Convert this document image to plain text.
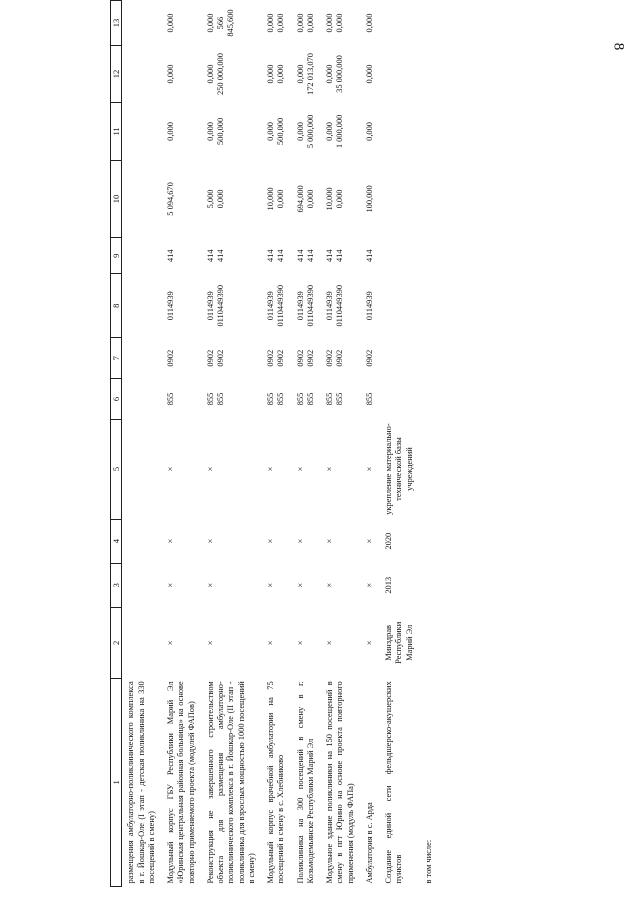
8
1	2	3	4	5	6	7	8	9	10	11	12	13
размещения амбулаторно-поликлинического комплекса в г. Йошкар-Оле (I этап - детская поликлиника на 330 посещений в смену)												
Модульный корпус ГБУ Республики Марий Эл «Юринская центральная районная больница» на основе повторно применяемого проекта (модулей ФАПов)	×	×	×	×	855	0902	0114939	414	5 094,670	0,000	0,000	0,000

Реконструкция не завершенного строительством объекта для размещения амбулаторно-поликлинического комплекса в г. Йошкар-Оле (II этап - поликлиника для взрослых мощностью 1000 посещений в смену)	×	×	×	×	855 855	0902 0902	0114939 0110449390	414 414	5,000 0,000	0,000 500,000	0,000 250 000,000	0,000 566 845,600

Модульный корпус врачебной амбулатории на 75 посещений в смену в с. Хлебниково	×	×	×	×	855 855	0902 0902	0114939 0110449390	414 414	10,000 0,000	0,000 500,000	0,000 0,000	0,000 0,000

Поликлиника на 300 посещений в смену в г. Козьмодемьянске Республики Марий Эл	×	×	×	×	855 855	0902 0902	0114939 0110449390	414 414	694,000 0,000	0,000 5 000,000	0,000 172 013,070	0,000 0,000

Модульное здание поликлиники на 150 посещений в смену в пгт Юрино на основе проекта повторного применения (модуль ФАПа)	×	×	×	×	855 855	0902 0902	0114939 0110449390	414 414	10,000 0,000	0,000 1 000,000	0,000 35 000,000	0,000 0,000

Амбулатория в с. Арда	×	×	×	×	855	0902	0114939	414	100,000	0,000	0,000	0,000

Создание единой сети фельдшерско-акушерских пунктов	Минздрав Республики Марий Эл	2013	2020	укрепление материально-технической базы учреждений								
в том числе:												
